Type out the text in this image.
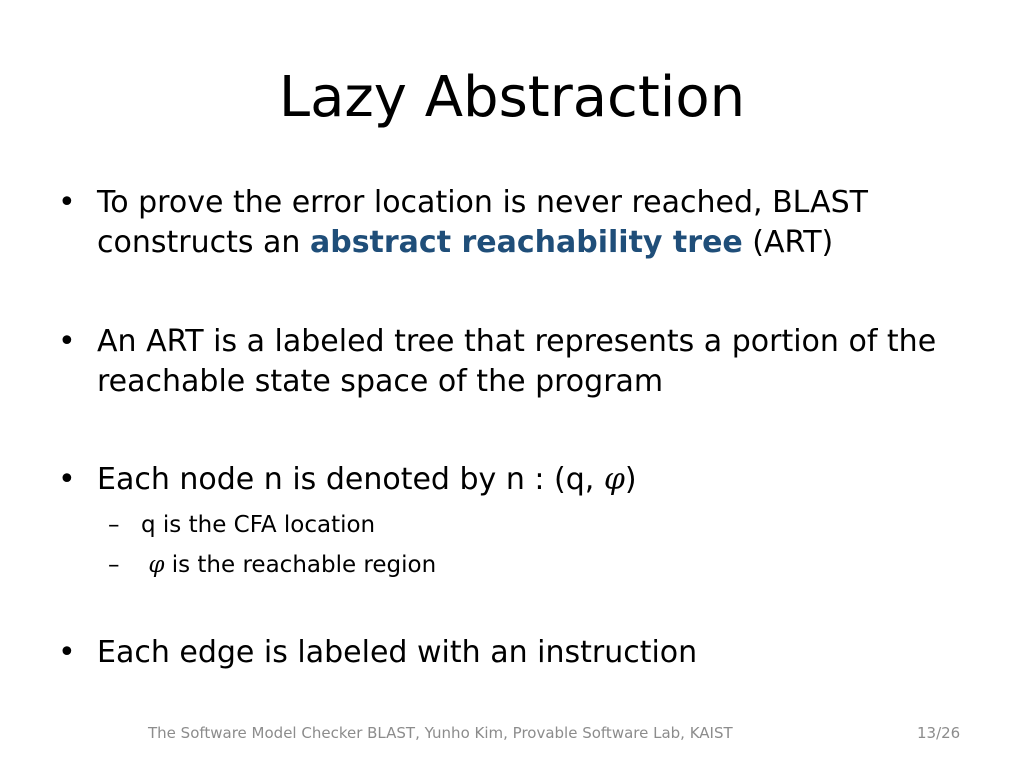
Lazy Abstraction
• To prove the error location is never reached, BLAST constructs an abstract reachability tree (ART)
• An ART is a labeled tree that represents a portion of the reachable state space of the program
• Each node n is denoted by n : (q, φ)
– q is the CFA location
–	φ is the reachable region
• Each edge is labeled with an instruction
The Software Model Checker BLAST, Yunho Kim, Provable Software Lab, KAIST	13/26
